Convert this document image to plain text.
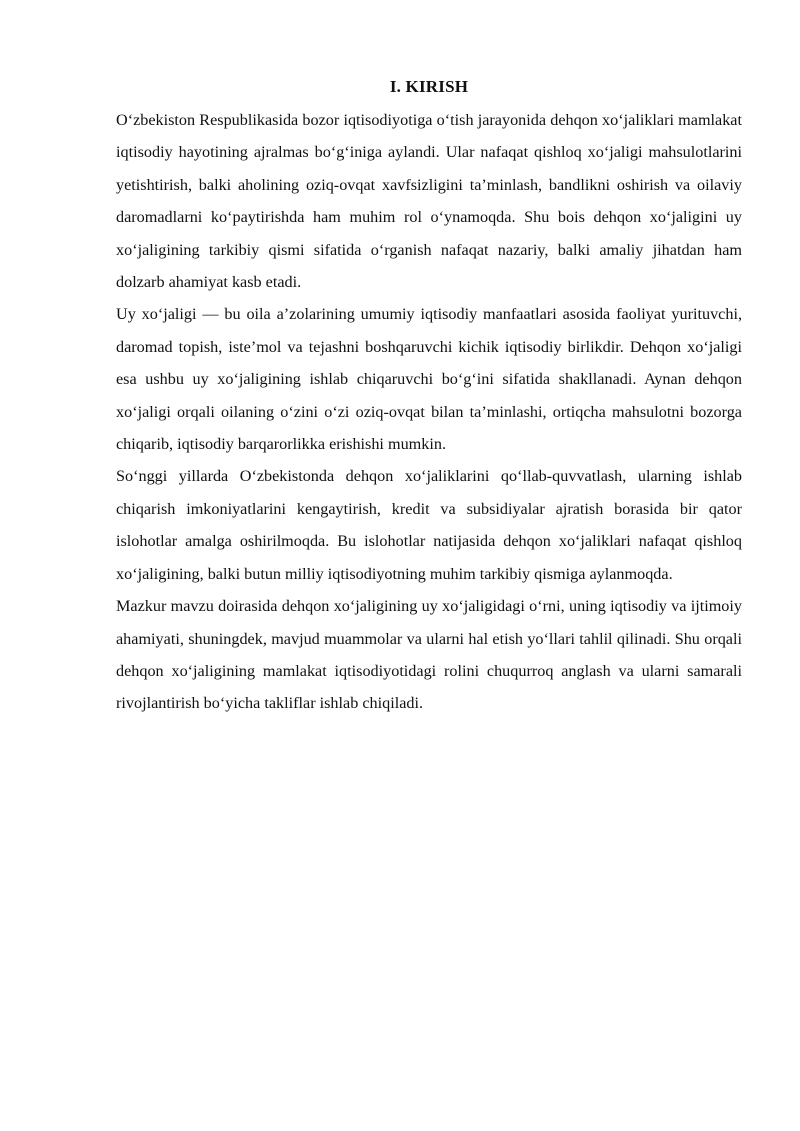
I. KIRISH

O‘zbekiston Respublikasida bozor iqtisodiyotiga o‘tish jarayonida dehqon xo‘jaliklari mamlakat iqtisodiy hayotining ajralmas bo‘g‘iniga aylandi. Ular nafaqat qishloq xo‘jaligi mahsulotlarini yetishtirish, balki aholining oziq-ovqat xavfsizligini ta’minlash, bandlikni oshirish va oilaviy daromadlarni ko‘paytirishda ham muhim rol o‘ynamoqda. Shu bois dehqon xo‘jaligini uy xo‘jaligining tarkibiy qismi sifatida o‘rganish nafaqat nazariy, balki amaliy jihatdan ham dolzarb ahamiyat kasb etadi.

Uy xo‘jaligi — bu oila a’zolarining umumiy iqtisodiy manfaatlari asosida faoliyat yurituvchi, daromad topish, iste’mol va tejashni boshqaruvchi kichik iqtisodiy birlikdir. Dehqon xo‘jaligi esa ushbu uy xo‘jaligining ishlab chiqaruvchi bo‘g‘ini sifatida shakllanadi. Aynan dehqon xo‘jaligi orqali oilaning o‘zini o‘zi oziq-ovqat bilan ta’minlashi, ortiqcha mahsulotni bozorga chiqarib, iqtisodiy barqarorlikka erishishi mumkin.

So‘nggi yillarda O‘zbekistonda dehqon xo‘jaliklarini qo‘llab-quvvatlash, ularning ishlab chiqarish imkoniyatlarini kengaytirish, kredit va subsidiyalar ajratish borasida bir qator islohotlar amalga oshirilmoqda. Bu islohotlar natijasida dehqon xo‘jaliklari nafaqat qishloq xo‘jaligining, balki butun milliy iqtisodiyotning muhim tarkibiy qismiga aylanmoqda.

Mazkur mavzu doirasida dehqon xo‘jaligining uy xo‘jaligidagi o‘rni, uning iqtisodiy va ijtimoiy ahamiyati, shuningdek, mavjud muammolar va ularni hal etish yo‘llari tahlil qilinadi. Shu orqali dehqon xo‘jaligining mamlakat iqtisodiyotidagi rolini chuqurroq anglash va ularni samarali rivojlantirish bo‘yicha takliflar ishlab chiqiladi.
